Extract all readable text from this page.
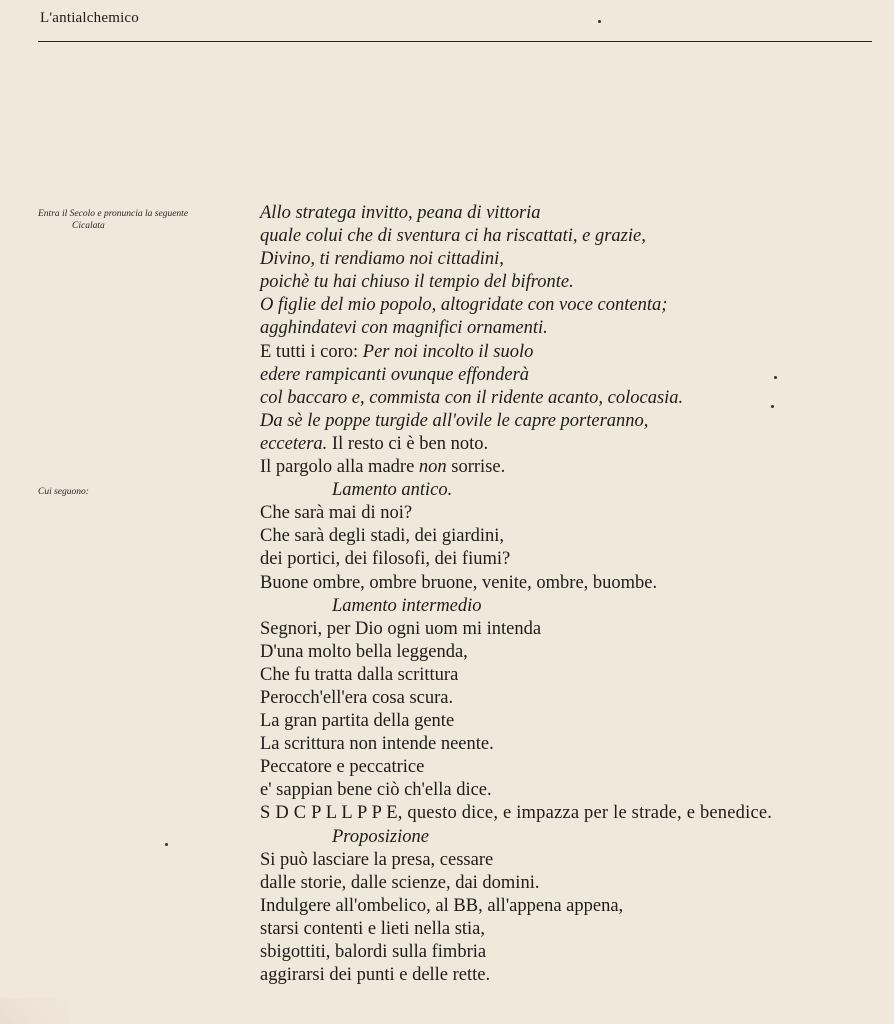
L'antialchemico
Entra il Secolo e pronuncia la seguente
Cicalata
Cui seguono:
Allo stratega invitto, peana di vittoria
quale colui che di sventura ci ha riscattati, e grazie,
Divino, ti rendiamo noi cittadini,
poichè tu hai chiuso il tempio del bifronte.
O figlie del mio popolo, altogridate con voce contenta;
agghindatevi con magnifici ornamenti.
E tutti i coro: Per noi incolto il suolo
edere rampicanti ovunque effonderà
col baccaro e, commista con il ridente acanto, colocasia.
Da sè le poppe turgide all'ovile le capre porteranno,
eccetera. Il resto ci è ben noto.
Il pargolo alla madre non sorrise.
Lamento antico.
Che sarà mai di noi?
Che sarà degli stadi, dei giardini,
dei portici, dei filosofi, dei fiumi?
Buone ombre, ombre bruone, venite, ombre, buombe.
Lamento intermedio
Segnori, per Dio ogni uom mi intenda
D'una molto bella leggenda,
Che fu tratta dalla scrittura
Perocch'ell'era cosa scura.
La gran partita della gente
La scrittura non intende neente.
Peccatore e peccatrice
e' sappian bene ciò ch'ella dice.
S D C P L L P P E, questo dice, e impazza per le strade, e benedice.
Proposizione
Si può lasciare la presa, cessare
dalle storie, dalle scienze, dai domini.
Indulgere all'ombelico, al BB, all'appena appena,
starsi contenti e lieti nella stia,
sbigottiti, balordi sulla fimbria
aggirarsi dei punti e delle rette.
